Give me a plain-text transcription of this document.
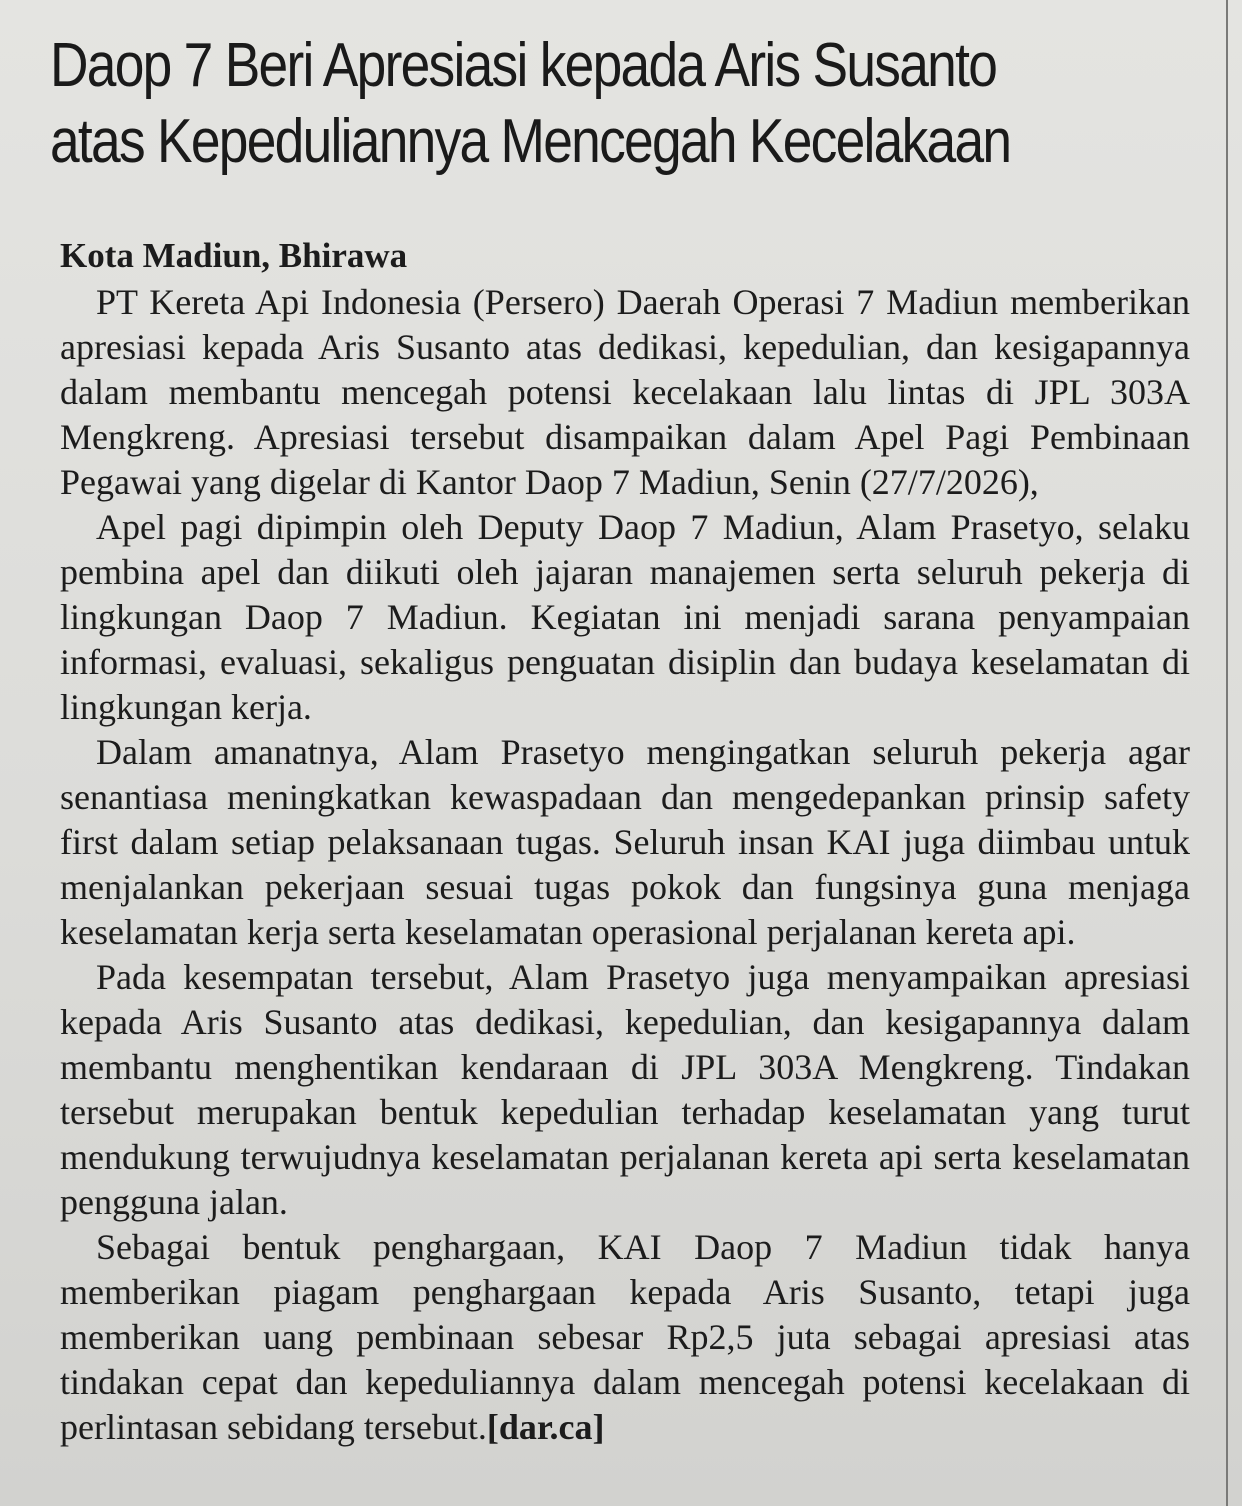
Daop 7 Beri Apresiasi kepada Aris Susanto
atas Kepeduliannya Mencegah Kecelakaan

Kota Madiun, Bhirawa

PT Kereta Api Indonesia (Persero) Daerah Operasi 7 Madiun memberikan apresiasi kepada Aris Susanto atas dedikasi, kepedulian, dan kesigapannya dalam membantu mencegah potensi kecelakaan lalu lintas di JPL 303A Mengkreng. Apresiasi tersebut disampaikan dalam Apel Pagi Pembinaan Pegawai yang digelar di Kantor Daop 7 Madiun, Senin (27/7/2026),

Apel pagi dipimpin oleh Deputy Daop 7 Madiun, Alam Prasetyo, selaku pembina apel dan diikuti oleh jajaran manajemen serta seluruh pekerja di lingkungan Daop 7 Madiun. Kegiatan ini menjadi sarana penyampaian informasi, evaluasi, sekaligus penguatan disiplin dan budaya keselamatan di lingkungan kerja.

Dalam amanatnya, Alam Prasetyo mengingatkan seluruh pekerja agar senantiasa meningkatkan kewaspadaan dan mengedepankan prinsip safety first dalam setiap pelaksanaan tugas. Seluruh insan KAI juga diimbau untuk menjalankan pekerjaan sesuai tugas pokok dan fungsinya guna menjaga keselamatan kerja serta keselamatan operasional perjalanan kereta api.

Pada kesempatan tersebut, Alam Prasetyo juga menyampaikan apresiasi kepada Aris Susanto atas dedikasi, kepedulian, dan kesigapannya dalam membantu menghentikan kendaraan di JPL 303A Mengkreng. Tindakan tersebut merupakan bentuk kepedulian terhadap keselamatan yang turut mendukung terwujudnya keselamatan perjalanan kereta api serta keselamatan pengguna jalan.

Sebagai bentuk penghargaan, KAI Daop 7 Madiun tidak hanya memberikan piagam penghargaan kepada Aris Susanto, tetapi juga memberikan uang pembinaan sebesar Rp2,5 juta sebagai apresiasi atas tindakan cepat dan kepeduliannya dalam mencegah potensi kecelakaan di perlintasan sebidang tersebut.[dar.ca]
